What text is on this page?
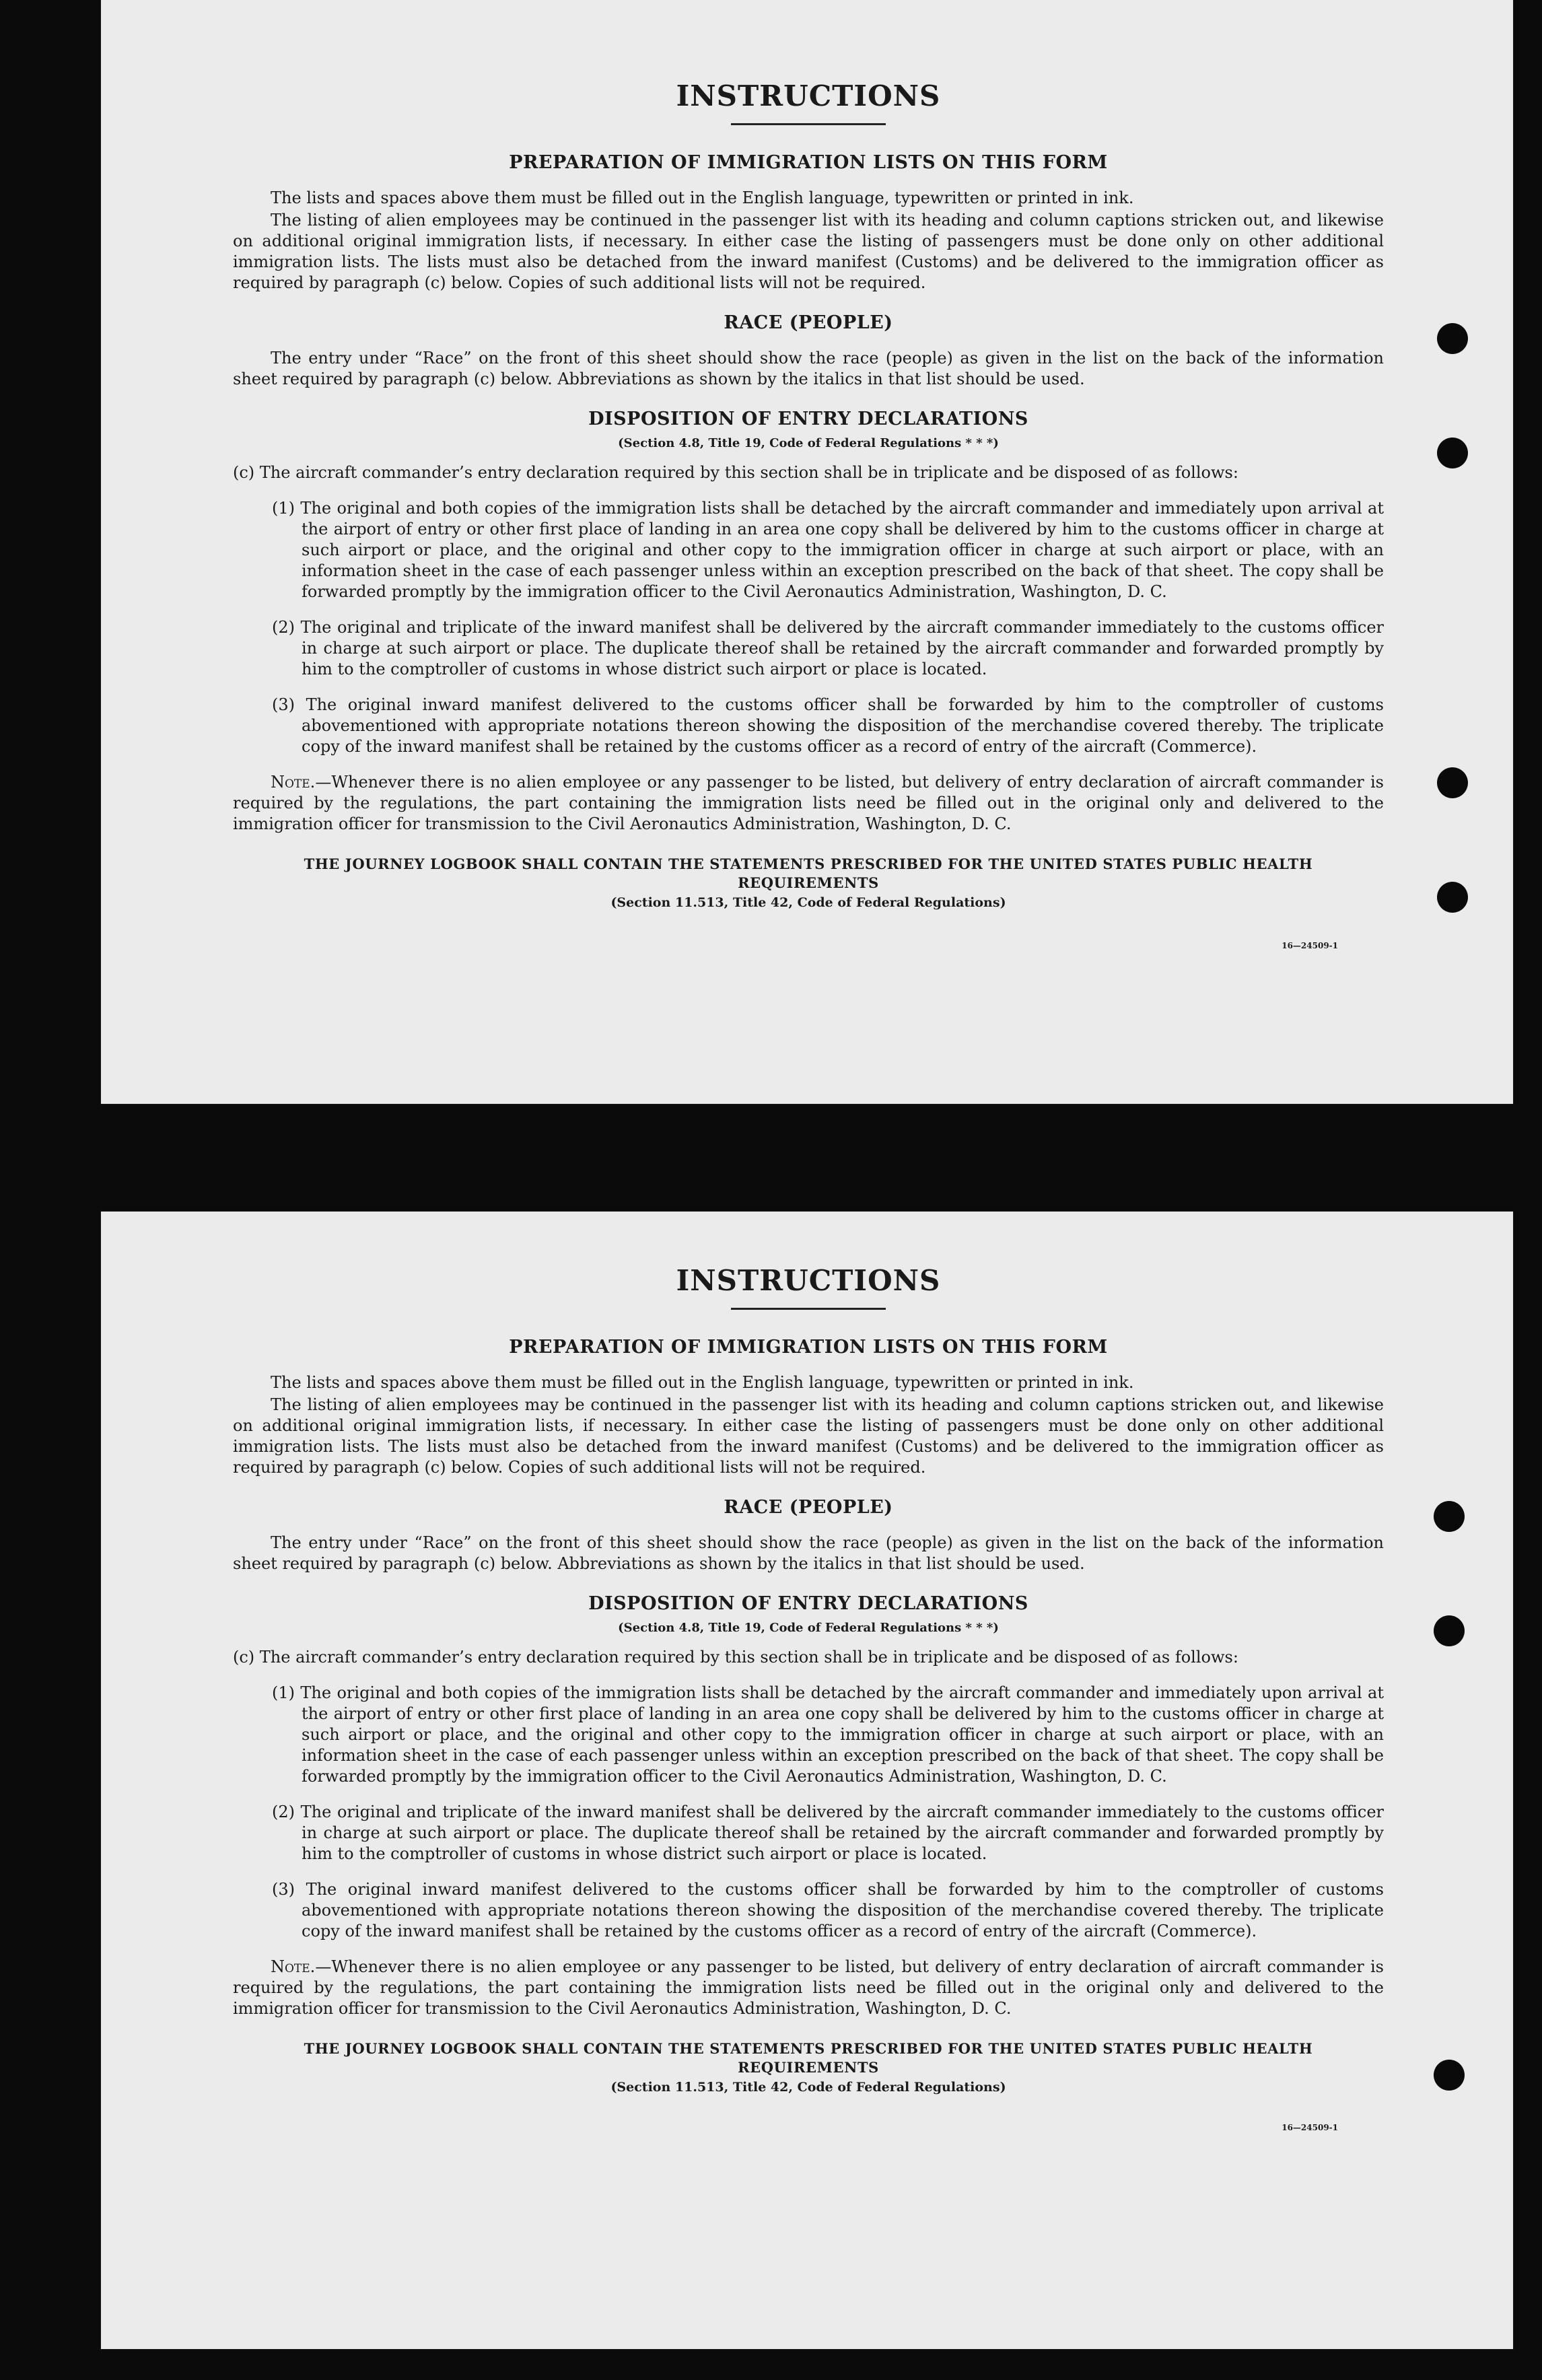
INSTRUCTIONS
PREPARATION OF IMMIGRATION LISTS ON THIS FORM

The lists and spaces above them must be filled out in the English language, typewritten or printed in ink.

The listing of alien employees may be continued in the passenger list with its heading and column captions stricken out, and likewise on additional original immigration lists, if necessary. In either case the listing of passengers must be done only on other additional immigration lists. The lists must also be detached from the inward manifest (Customs) and be delivered to the immigration officer as required by paragraph (c) below. Copies of such additional lists will not be required.

RACE (PEOPLE)

The entry under “Race” on the front of this sheet should show the race (people) as given in the list on the back of the information sheet required by paragraph (c) below. Abbreviations as shown by the italics in that list should be used.

DISPOSITION OF ENTRY DECLARATIONS
(Section 4.8, Title 19, Code of Federal Regulations * * *)

(c) The aircraft commander’s entry declaration required by this section shall be in triplicate and be disposed of as follows:

(1) The original and both copies of the immigration lists shall be detached by the aircraft commander and immediately upon arrival at the airport of entry or other first place of landing in an area one copy shall be delivered by him to the customs officer in charge at such airport or place, and the original and other copy to the immigration officer in charge at such airport or place, with an information sheet in the case of each passenger unless within an exception prescribed on the back of that sheet. The copy shall be forwarded promptly by the immigration officer to the Civil Aeronautics Administration, Washington, D. C.

(2) The original and triplicate of the inward manifest shall be delivered by the aircraft commander immediately to the customs officer in charge at such airport or place. The duplicate thereof shall be retained by the aircraft commander and forwarded promptly by him to the comptroller of customs in whose district such airport or place is located.

(3) The original inward manifest delivered to the customs officer shall be forwarded by him to the comptroller of customs abovementioned with appropriate notations thereon showing the disposition of the merchandise covered thereby. The triplicate copy of the inward manifest shall be retained by the customs officer as a record of entry of the aircraft (Commerce).

Note.—Whenever there is no alien employee or any passenger to be listed, but delivery of entry declaration of aircraft commander is required by the regulations, the part containing the immigration lists need be filled out in the original only and delivered to the immigration officer for transmission to the Civil Aeronautics Administration, Washington, D. C.

THE JOURNEY LOGBOOK SHALL CONTAIN THE STATEMENTS PRESCRIBED FOR THE UNITED STATES PUBLIC HEALTH REQUIREMENTS
(Section 11.513, Title 42, Code of Federal Regulations)
16—24509-1
INSTRUCTIONS
PREPARATION OF IMMIGRATION LISTS ON THIS FORM

The lists and spaces above them must be filled out in the English language, typewritten or printed in ink.

The listing of alien employees may be continued in the passenger list with its heading and column captions stricken out, and likewise on additional original immigration lists, if necessary. In either case the listing of passengers must be done only on other additional immigration lists. The lists must also be detached from the inward manifest (Customs) and be delivered to the immigration officer as required by paragraph (c) below. Copies of such additional lists will not be required.

RACE (PEOPLE)

The entry under “Race” on the front of this sheet should show the race (people) as given in the list on the back of the information sheet required by paragraph (c) below. Abbreviations as shown by the italics in that list should be used.

DISPOSITION OF ENTRY DECLARATIONS
(Section 4.8, Title 19, Code of Federal Regulations * * *)

(c) The aircraft commander’s entry declaration required by this section shall be in triplicate and be disposed of as follows:

(1) The original and both copies of the immigration lists shall be detached by the aircraft commander and immediately upon arrival at the airport of entry or other first place of landing in an area one copy shall be delivered by him to the customs officer in charge at such airport or place, and the original and other copy to the immigration officer in charge at such airport or place, with an information sheet in the case of each passenger unless within an exception prescribed on the back of that sheet. The copy shall be forwarded promptly by the immigration officer to the Civil Aeronautics Administration, Washington, D. C.

(2) The original and triplicate of the inward manifest shall be delivered by the aircraft commander immediately to the customs officer in charge at such airport or place. The duplicate thereof shall be retained by the aircraft commander and forwarded promptly by him to the comptroller of customs in whose district such airport or place is located.

(3) The original inward manifest delivered to the customs officer shall be forwarded by him to the comptroller of customs abovementioned with appropriate notations thereon showing the disposition of the merchandise covered thereby. The triplicate copy of the inward manifest shall be retained by the customs officer as a record of entry of the aircraft (Commerce).

Note.—Whenever there is no alien employee or any passenger to be listed, but delivery of entry declaration of aircraft commander is required by the regulations, the part containing the immigration lists need be filled out in the original only and delivered to the immigration officer for transmission to the Civil Aeronautics Administration, Washington, D. C.

THE JOURNEY LOGBOOK SHALL CONTAIN THE STATEMENTS PRESCRIBED FOR THE UNITED STATES PUBLIC HEALTH REQUIREMENTS
(Section 11.513, Title 42, Code of Federal Regulations)
16—24509-1
